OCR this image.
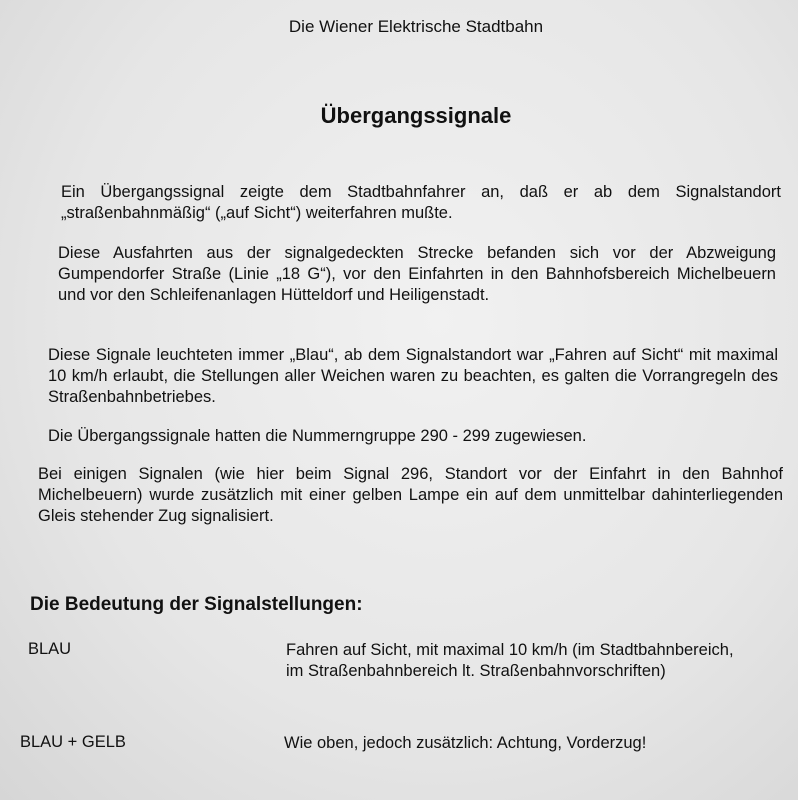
Die Wiener Elektrische Stadtbahn
Übergangssignale

Ein Übergangssignal zeigte dem Stadtbahnfahrer an, daß er ab dem Signalstandort „straßenbahnmäßig“ („auf Sicht“) weiterfahren mußte.

Diese Ausfahrten aus der signalgedeckten Strecke befanden sich vor der Abzweigung Gumpendorfer Straße (Linie „18 G“), vor den Einfahrten in den Bahnhofsbereich Michelbeuern und vor den Schleifenanlagen Hütteldorf und Heiligenstadt.

Diese Signale leuchteten immer „Blau“, ab dem Signalstandort war „Fahren auf Sicht“ mit maximal 10 km/h erlaubt, die Stellungen aller Weichen waren zu beachten, es galten die Vorrangregeln des Straßenbahnbetriebes.

Die Übergangssignale hatten die Nummerngruppe 290 - 299 zugewiesen.

Bei einigen Signalen (wie hier beim Signal 296, Standort vor der Einfahrt in den Bahnhof Michelbeuern) wurde zusätzlich mit einer gelben Lampe ein auf dem unmittelbar dahinterliegenden Gleis stehender Zug signalisiert.

Die Bedeutung der Signalstellungen:
BLAU	Fahren auf Sicht, mit maximal 10 km/h (im Stadtbahnbereich, im Straßenbahnbereich lt. Straßenbahnvorschriften)
BLAU + GELB	Wie oben, jedoch zusätzlich: Achtung, Vorderzug!
